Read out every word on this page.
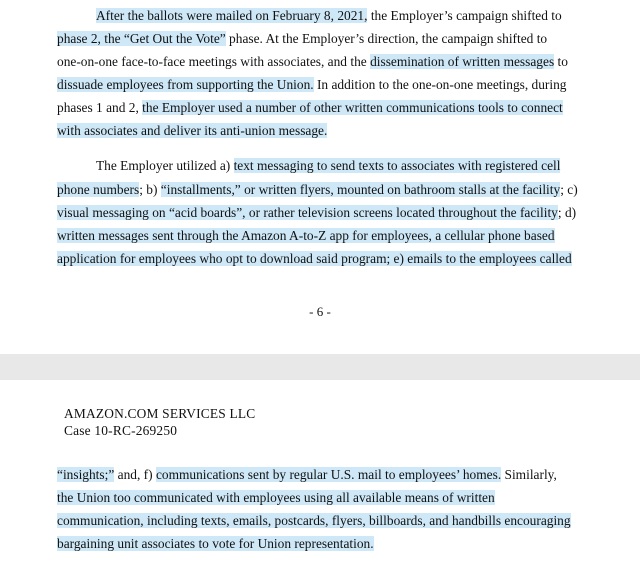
After the ballots were mailed on February 8, 2021, the Employer’s campaign shifted to
phase 2, the “Get Out the Vote” phase. At the Employer’s direction, the campaign shifted to
one-on-one face-to-face meetings with associates, and the dissemination of written messages to
dissuade employees from supporting the Union. In addition to the one-on-one meetings, during
phases 1 and 2, the Employer used a number of other written communications tools to connect
with associates and deliver its anti-union message.
The Employer utilized a) text messaging to send texts to associates with registered cell
phone numbers; b) “installments,” or written flyers, mounted on bathroom stalls at the facility; c)
visual messaging on “acid boards”, or rather television screens located throughout the facility; d)
written messages sent through the Amazon A-to-Z app for employees, a cellular phone based
application for employees who opt to download said program; e) emails to the employees called
- 6 -
AMAZON.COM SERVICES LLC
Case 10-RC-269250
“insights;” and, f) communications sent by regular U.S. mail to employees’ homes. Similarly,
the Union too communicated with employees using all available means of written
communication, including texts, emails, postcards, flyers, billboards, and handbills encouraging
bargaining unit associates to vote for Union representation.
